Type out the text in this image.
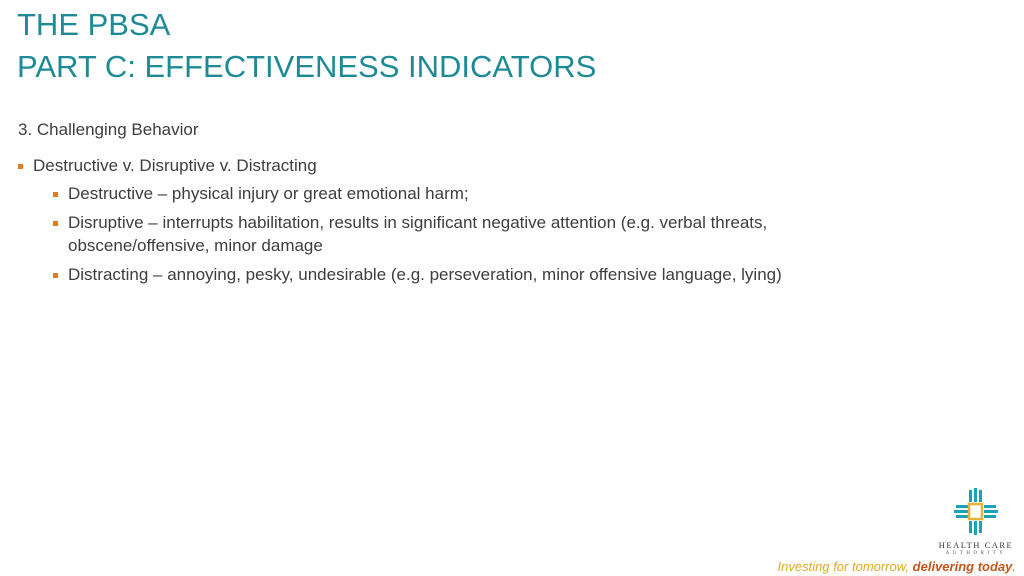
THE PBSA
PART C: EFFECTIVENESS INDICATORS

3. Challenging Behavior

Destructive v. Disruptive v. Distracting
Destructive – physical injury or great emotional harm;
Disruptive – interrupts habilitation, results in significant negative attention (e.g. verbal threats, obscene/offensive, minor damage
Distracting – annoying, pesky, undesirable (e.g. perseveration, minor offensive language, lying)
HEALTH CARE
AUTHORITY
Investing for tomorrow, delivering today.
